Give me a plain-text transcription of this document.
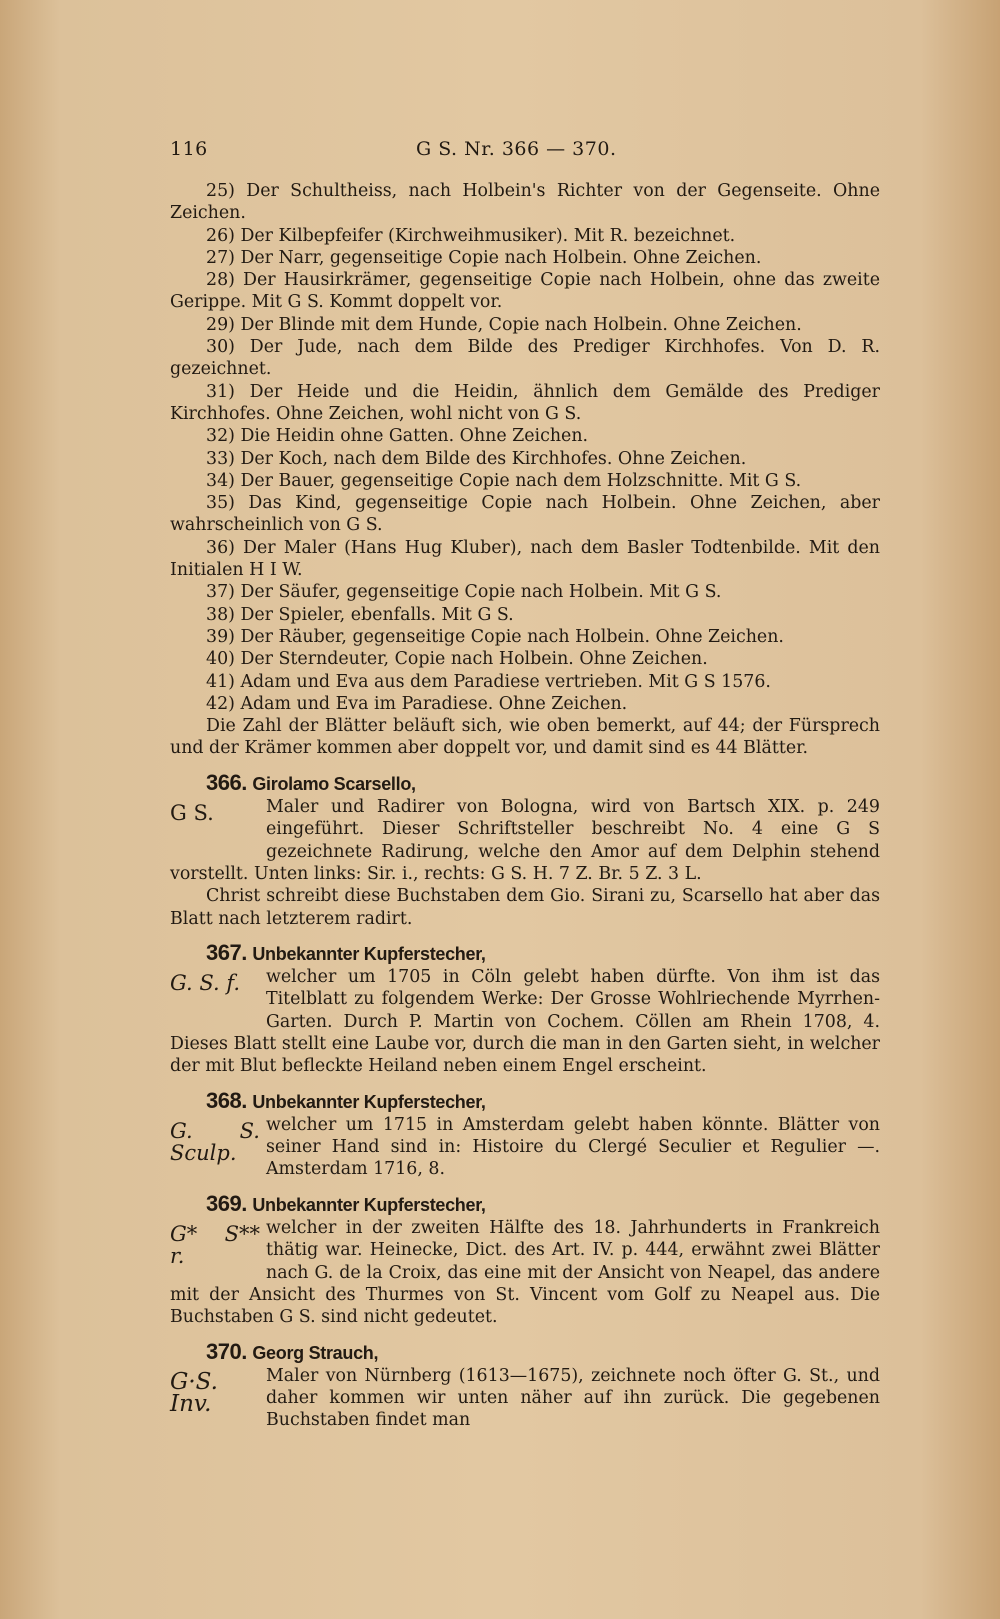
116	G S. Nr. 366 — 370.

25) Der Schultheiss, nach Holbein's Richter von der Gegenseite. Ohne Zeichen.

26) Der Kilbepfeifer (Kirchweihmusiker). Mit R. bezeichnet.

27) Der Narr, gegenseitige Copie nach Holbein. Ohne Zeichen.

28) Der Hausirkrämer, gegenseitige Copie nach Holbein, ohne das zweite Gerippe. Mit G S. Kommt doppelt vor.

29) Der Blinde mit dem Hunde, Copie nach Holbein. Ohne Zeichen.

30) Der Jude, nach dem Bilde des Prediger Kirchhofes. Von D. R. gezeichnet.

31) Der Heide und die Heidin, ähnlich dem Gemälde des Prediger Kirchhofes. Ohne Zeichen, wohl nicht von G S.

32) Die Heidin ohne Gatten. Ohne Zeichen.

33) Der Koch, nach dem Bilde des Kirchhofes. Ohne Zeichen.

34) Der Bauer, gegenseitige Copie nach dem Holzschnitte. Mit G S.

35) Das Kind, gegenseitige Copie nach Holbein. Ohne Zeichen, aber wahrscheinlich von G S.

36) Der Maler (Hans Hug Kluber), nach dem Basler Todtenbilde. Mit den Initialen H I W.

37) Der Säufer, gegenseitige Copie nach Holbein. Mit G S.

38) Der Spieler, ebenfalls. Mit G S.

39) Der Räuber, gegenseitige Copie nach Holbein. Ohne Zeichen.

40) Der Sterndeuter, Copie nach Holbein. Ohne Zeichen.

41) Adam und Eva aus dem Paradiese vertrieben. Mit G S 1576.

42) Adam und Eva im Paradiese. Ohne Zeichen.

Die Zahl der Blätter beläuft sich, wie oben bemerkt, auf 44; der Fürsprech und der Krämer kommen aber doppelt vor, und damit sind es 44 Blätter.

366. Girolamo Scarsello,

G S.	Maler und Radirer von Bologna, wird von Bartsch XIX. p. 249 eingeführt. Dieser Schriftsteller beschreibt No. 4 eine G S gezeichnete Radirung, welche den Amor auf dem Delphin stehend vorstellt. Unten links: Sir. i., rechts: G S. H. 7 Z. Br. 5 Z. 3 L.

Christ schreibt diese Buchstaben dem Gio. Sirani zu, Scarsello hat aber das Blatt nach letzterem radirt.

367. Unbekannter Kupferstecher,

G. S. f.	welcher um 1705 in Cöln gelebt haben dürfte. Von ihm ist das Titelblatt zu folgendem Werke: Der Grosse Wohlriechende Myrrhen-Garten. Durch P. Martin von Cochem. Cöllen am Rhein 1708, 4. Dieses Blatt stellt eine Laube vor, durch die man in den Garten sieht, in welcher der mit Blut befleckte Heiland neben einem Engel erscheint.

368. Unbekannter Kupferstecher,

G. S. Sculp.

welcher um 1715 in Amsterdam gelebt haben könnte. Blätter von seiner Hand sind in: Histoire du Clergé Seculier et Regulier —. Amsterdam 1716, 8.

369. Unbekannter Kupferstecher,

G* S** r.

welcher in der zweiten Hälfte des 18. Jahrhunderts in Frankreich thätig war. Heinecke, Dict. des Art. IV. p. 444, erwähnt zwei Blätter nach G. de la Croix, das eine mit der Ansicht von Neapel, das andere mit der Ansicht des Thurmes von St. Vincent vom Golf zu Neapel aus. Die Buchstaben G S. sind nicht gedeutet.

370. Georg Strauch,

G·S. Inv.

Maler von Nürnberg (1613—1675), zeichnete noch öfter G. St., und daher kommen wir unten näher auf ihn zurück. Die gegebenen Buchstaben findet man
